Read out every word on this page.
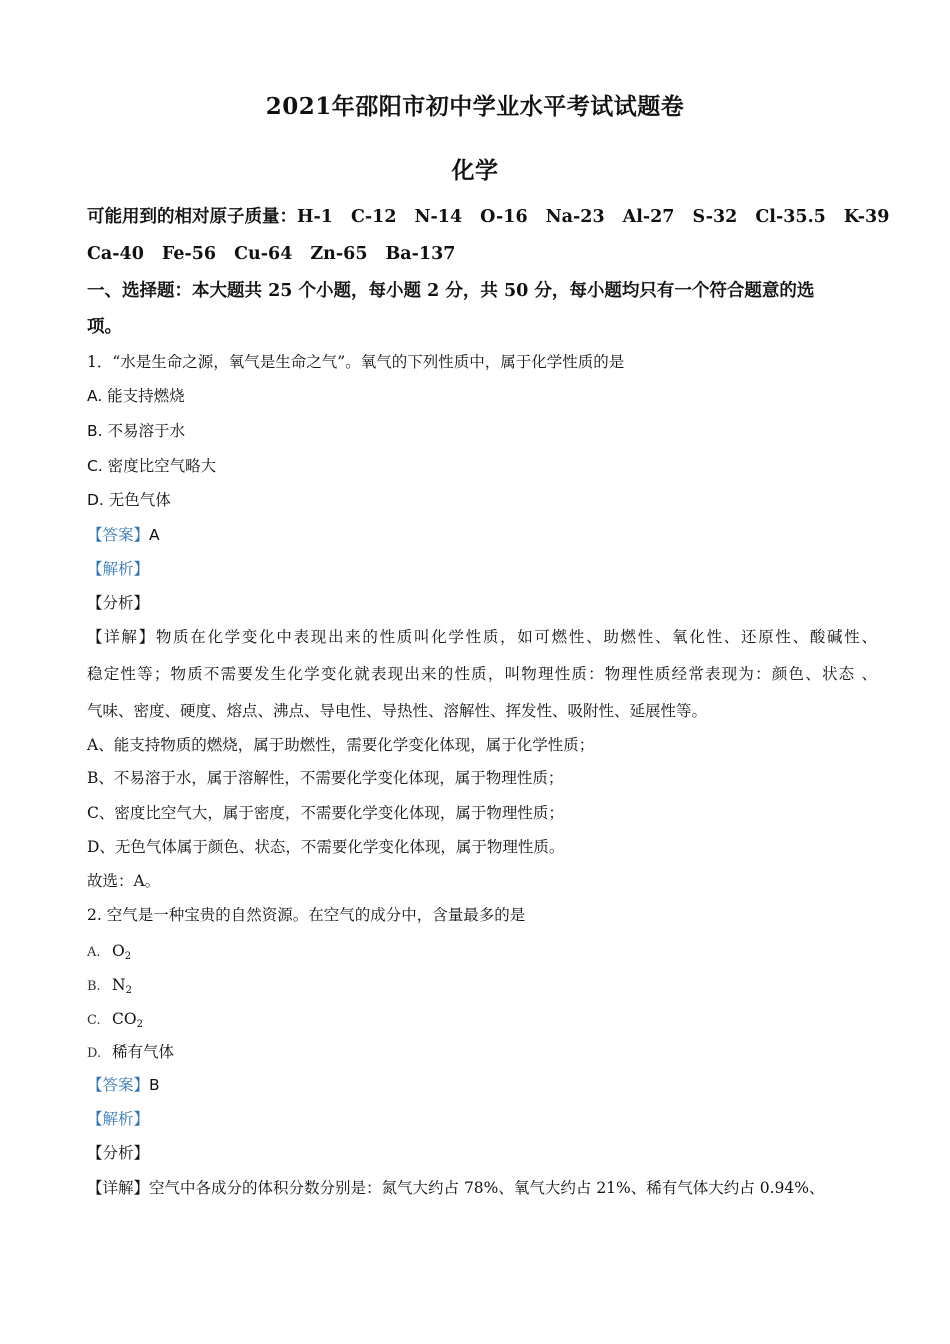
2021年邵阳市初中学业水平考试试题卷
化学
可能用到的相对原子质量：H-1 C-12 N-14 O-16 Na-23 Al-27 S-32 Cl-35.5 K-39
Ca-40 Fe-56 Cu-64 Zn-65 Ba-137
一、选择题：本大题共 25 个小题，每小题 2 分，共 50 分，每小题均只有一个符合题意的选
项。
1．“水是生命之源，氧气是生命之气”。氧气的下列性质中，属于化学性质的是
A. 能支持燃烧
B. 不易溶于水
C. 密度比空气略大
D. 无色气体
【答案】A
【解析】
【分析】
【详解】物质在化学变化中表现出来的性质叫化学性质，如可燃性、助燃性、氧化性、还原性、酸碱性、
稳定性等；物质不需要发生化学变化就表现出来的性质，叫物理性质：物理性质经常表现为：颜色、状态 、
气味、密度、硬度、熔点、沸点、导电性、导热性、溶解性、挥发性、吸附性、延展性等。
A、能支持物质的燃烧，属于助燃性，需要化学变化体现，属于化学性质；
B、不易溶于水，属于溶解性，不需要化学变化体现，属于物理性质；
C、密度比空气大，属于密度，不需要化学变化体现，属于物理性质；
D、无色气体属于颜色、状态，不需要化学变化体现，属于物理性质。
故选：A。
2. 空气是一种宝贵的自然资源。在空气的成分中，含量最多的是
A. $O_2$
B. $N_2$
C. $CO_2$
D. 稀有气体
【答案】B
【解析】
【分析】
【详解】空气中各成分的体积分数分别是：氮气大约占 78%、氧气大约占 21%、稀有气体大约占 0.94%、
